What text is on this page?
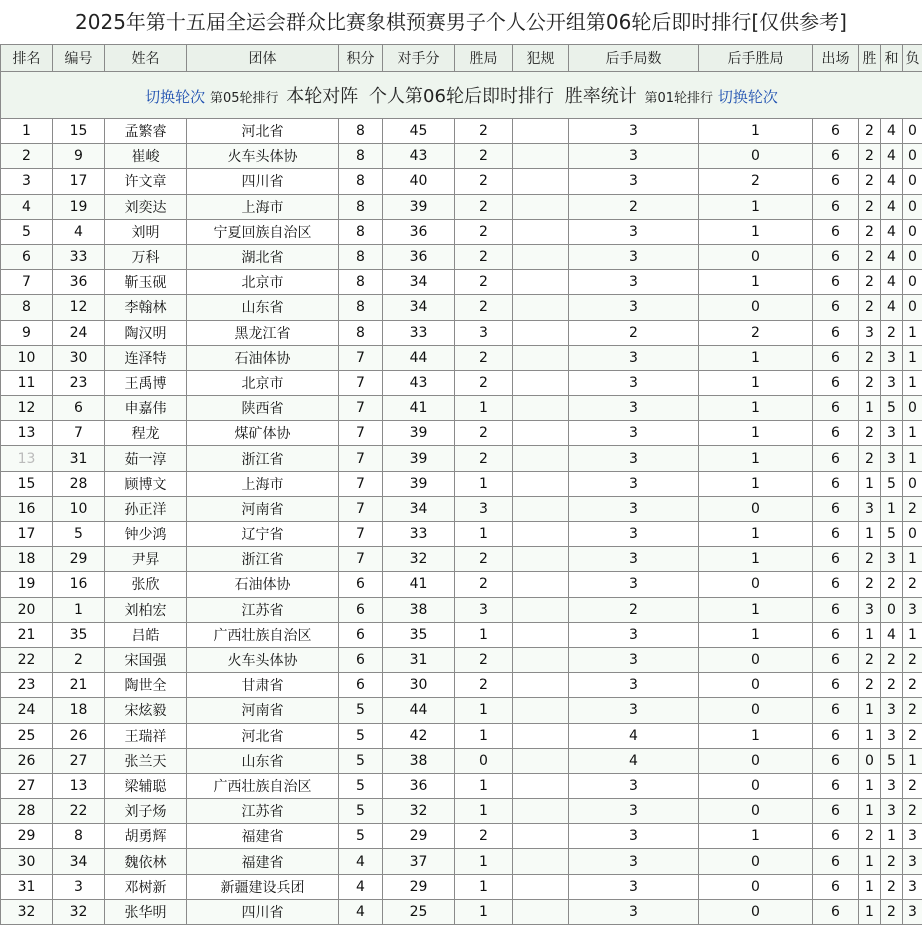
2025年第十五届全运会群众比赛象棋预赛男子个人公开组第06轮后即时排行[仅供参考]
排名	编号	姓名	团体	积分	对手分	胜局	犯规	后手局数	后手胜局	出场	胜	和	负
切换轮次 第05轮排行 本轮对阵 个人第06轮后即时排行 胜率统计 第01轮排行 切换轮次													
1	15	孟繁睿	河北省	8	45	2		3	1	6	2	4	0
2	9	崔峻	火车头体协	8	43	2		3	0	6	2	4	0
3	17	许文章	四川省	8	40	2		3	2	6	2	4	0
4	19	刘奕达	上海市	8	39	2		2	1	6	2	4	0
5	4	刘明	宁夏回族自治区	8	36	2		3	1	6	2	4	0
6	33	万科	湖北省	8	36	2		3	0	6	2	4	0
7	36	靳玉砚	北京市	8	34	2		3	1	6	2	4	0
8	12	李翰林	山东省	8	34	2		3	0	6	2	4	0
9	24	陶汉明	黑龙江省	8	33	3		2	2	6	3	2	1
10	30	连泽特	石油体协	7	44	2		3	1	6	2	3	1
11	23	王禹博	北京市	7	43	2		3	1	6	2	3	1
12	6	申嘉伟	陕西省	7	41	1		3	1	6	1	5	0
13	7	程龙	煤矿体协	7	39	2		3	1	6	2	3	1
13	31	茹一淳	浙江省	7	39	2		3	1	6	2	3	1
15	28	顾博文	上海市	7	39	1		3	1	6	1	5	0
16	10	孙正洋	河南省	7	34	3		3	0	6	3	1	2
17	5	钟少鸿	辽宁省	7	33	1		3	1	6	1	5	0
18	29	尹昇	浙江省	7	32	2		3	1	6	2	3	1
19	16	张欣	石油体协	6	41	2		3	0	6	2	2	2
20	1	刘柏宏	江苏省	6	38	3		2	1	6	3	0	3
21	35	吕皓	广西壮族自治区	6	35	1		3	1	6	1	4	1
22	2	宋国强	火车头体协	6	31	2		3	0	6	2	2	2
23	21	陶世全	甘肃省	6	30	2		3	0	6	2	2	2
24	18	宋炫毅	河南省	5	44	1		3	0	6	1	3	2
25	26	王瑞祥	河北省	5	42	1		4	1	6	1	3	2
26	27	张兰天	山东省	5	38	0		4	0	6	0	5	1
27	13	梁辅聪	广西壮族自治区	5	36	1		3	0	6	1	3	2
28	22	刘子炀	江苏省	5	32	1		3	0	6	1	3	2
29	8	胡勇辉	福建省	5	29	2		3	1	6	2	1	3
30	34	魏依林	福建省	4	37	1		3	0	6	1	2	3
31	3	邓树新	新疆建设兵团	4	29	1		3	0	6	1	2	3
32	32	张华明	四川省	4	25	1		3	0	6	1	2	3
